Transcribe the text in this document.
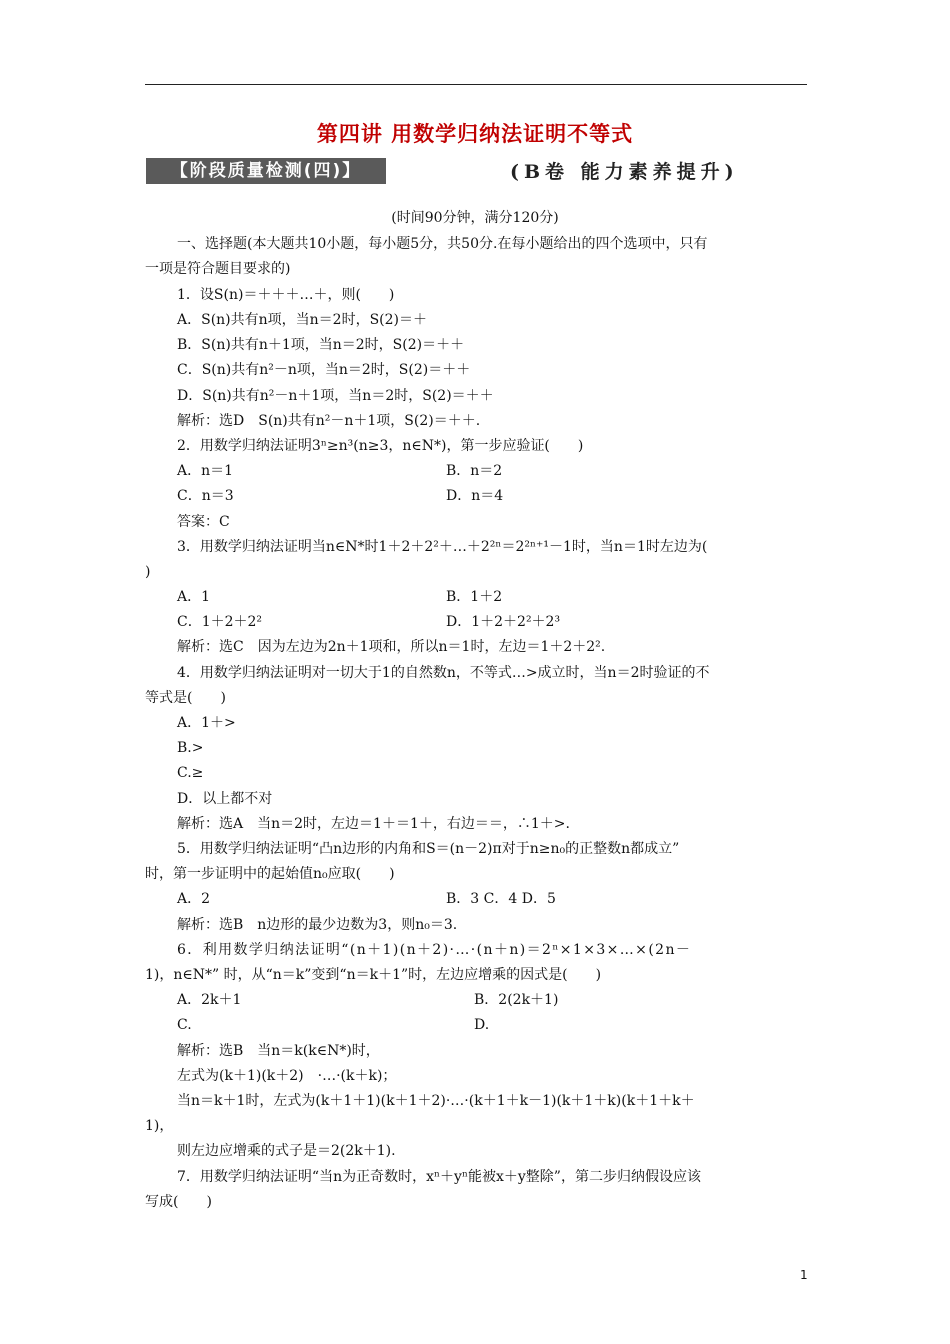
第四讲 用数学归纳法证明不等式
【阶段质量检测(四)】	(B卷 能力素养提升)
(时间90分钟，满分120分)
一、选择题(本大题共10小题，每小题5分，共50分.在每小题给出的四个选项中，只有
一项是符合题目要求的)
1．设S(n)＝＋＋＋…＋，则(　　)
A．S(n)共有n项，当n＝2时，S(2)＝＋
B．S(n)共有n＋1项，当n＝2时，S(2)＝＋＋
C．S(n)共有n²－n项，当n＝2时，S(2)＝＋＋
D．S(n)共有n²－n＋1项，当n＝2时，S(2)＝＋＋
解析：选D　S(n)共有n²－n＋1项，S(2)＝＋＋.
2．用数学归纳法证明3ⁿ≥n³(n≥3，n∈N*)，第一步应验证(　　)
A．n＝1	B．n＝2
C．n＝3	D．n＝4
答案：C
3．用数学归纳法证明当n∈N*时1＋2＋2²＋…＋2²ⁿ＝2²ⁿ⁺¹－1时，当n＝1时左边为(
)
A．1	B．1＋2
C．1＋2＋2²	D．1＋2＋2²＋2³
解析：选C　因为左边为2n＋1项和，所以n＝1时，左边＝1＋2＋2².
4．用数学归纳法证明对一切大于1的自然数n，不等式…>成立时，当n＝2时验证的不
等式是(　　)
A．1＋>
B.>
C.≥
D．以上都不对
解析：选A　当n＝2时，左边＝1＋＝1＋，右边＝＝，∴1＋>.
5．用数学归纳法证明“凸n边形的内角和S＝(n－2)π对于n≥n₀的正整数n都成立”
时，第一步证明中的起始值n₀应取(　　)
A．2	B．3 C．4 D．5
解析：选B　n边形的最少边数为3，则n₀＝3.
6．利用数学归纳法证明“(n＋1)(n＋2)·…·(n＋n)＝2ⁿ×1×3×…×(2n－
1)，n∈N*” 时，从“n＝k”变到“n＝k＋1”时，左边应增乘的因式是(　　)
A．2k＋1	B．2(2k＋1)
C.	D.
解析：选B　当n＝k(k∈N*)时，
左式为(k＋1)(k＋2)　·…·(k＋k)；
当n＝k＋1时，左式为(k＋1＋1)(k＋1＋2)·…·(k＋1＋k－1)(k＋1＋k)(k＋1＋k＋
1)，
则左边应增乘的式子是＝2(2k＋1).
7．用数学归纳法证明“当n为正奇数时，xⁿ＋yⁿ能被x＋y整除”，第二步归纳假设应该
写成(　　)
1
